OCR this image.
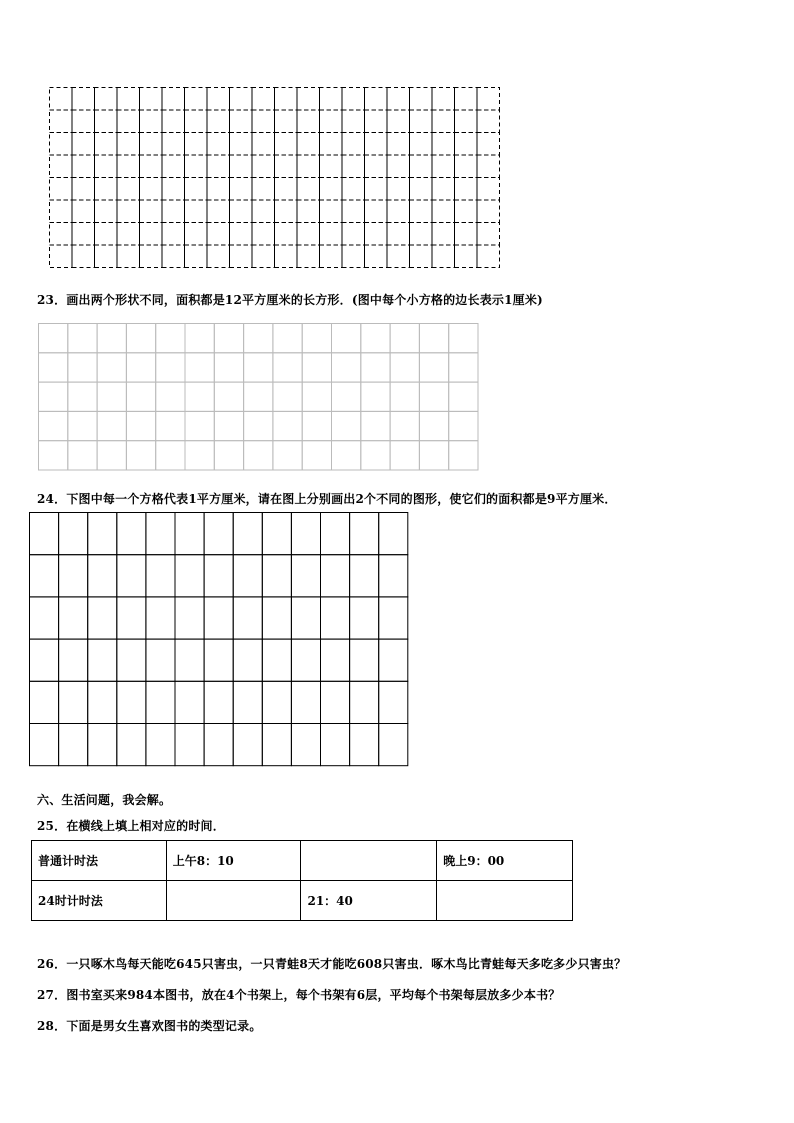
23．画出两个形状不同，面积都是12平方厘米的长方形．(图中每个小方格的边长表示1厘米)
24．下图中每一个方格代表1平方厘米，请在图上分别画出2个不同的图形，使它们的面积都是9平方厘米．
六、生活问题，我会解。
25．在横线上填上相对应的时间．
普通计时法	上午8：10		晚上9：00
24时计时法		21：40	
26．一只啄木鸟每天能吃645只害虫，一只青蛙8天才能吃608只害虫．啄木鸟比青蛙每天多吃多少只害虫？
27．图书室买来984本图书，放在4个书架上，每个书架有6层，平均每个书架每层放多少本书？
28．下面是男女生喜欢图书的类型记录。
